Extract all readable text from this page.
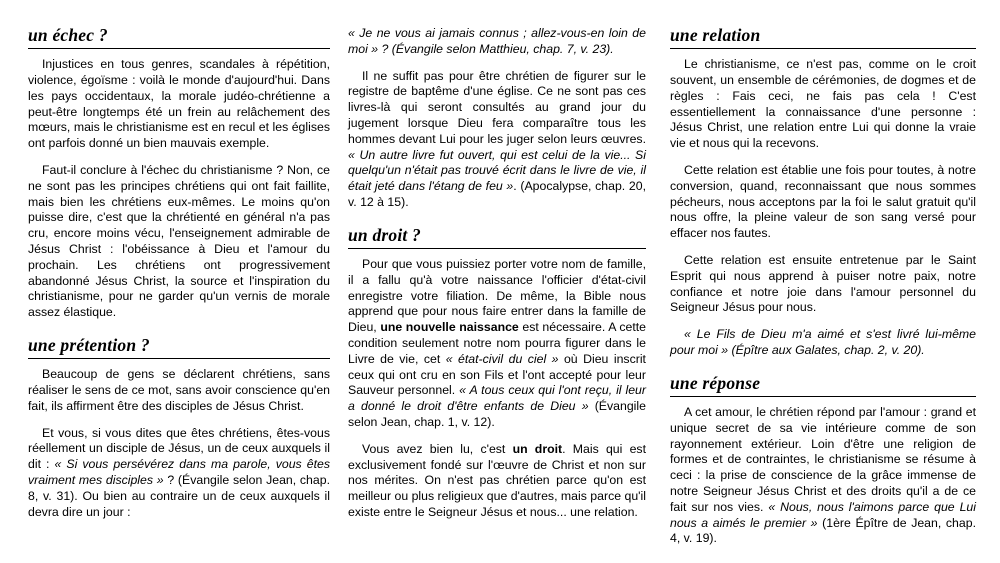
un échec ?

Injustices en tous genres, scandales à répétition, violence, égoïsme : voilà le monde d'aujourd'hui. Dans les pays occidentaux, la morale judéo-chrétienne a peut-être longtemps été un frein au relâchement des mœurs, mais le christianisme est en recul et les églises ont parfois donné un bien mauvais exemple.

Faut-il conclure à l'échec du christianisme ? Non, ce ne sont pas les principes chrétiens qui ont fait faillite, mais bien les chrétiens eux-mêmes. Le moins qu'on puisse dire, c'est que la chrétienté en général n'a pas cru, encore moins vécu, l'enseignement admirable de Jésus Christ : l'obéissance à Dieu et l'amour du prochain. Les chrétiens ont progressivement abandonné Jésus Christ, la source et l'inspiration du christianisme, pour ne garder qu'un vernis de morale assez élastique.

une prétention ?

Beaucoup de gens se déclarent chrétiens, sans réaliser le sens de ce mot, sans avoir conscience qu'en fait, ils affirment être des disciples de Jésus Christ.

Et vous, si vous dites que êtes chrétiens, êtes-vous réellement un disciple de Jésus, un de ceux auxquels il dit : « Si vous persévérez dans ma parole, vous êtes vraiment mes disciples » ? (Évangile selon Jean, chap. 8, v. 31). Ou bien au contraire un de ceux auxquels il devra dire un jour :

« Je ne vous ai jamais connus ; allez-vous-en loin de moi » ? (Évangile selon Matthieu, chap. 7, v. 23).

Il ne suffit pas pour être chrétien de figurer sur le registre de baptême d'une église. Ce ne sont pas ces livres-là qui seront consultés au grand jour du jugement lorsque Dieu fera comparaître tous les hommes devant Lui pour les juger selon leurs œuvres. « Un autre livre fut ouvert, qui est celui de la vie... Si quelqu'un n'était pas trouvé écrit dans le livre de vie, il était jeté dans l'étang de feu ». (Apocalypse, chap. 20, v. 12 à 15).

un droit ?

Pour que vous puissiez porter votre nom de famille, il a fallu qu'à votre naissance l'officier d'état-civil enregistre votre filiation. De même, la Bible nous apprend que pour nous faire entrer dans la famille de Dieu, une nouvelle naissance est nécessaire. A cette condition seulement notre nom pourra figurer dans le Livre de vie, cet « état-civil du ciel » où Dieu inscrit ceux qui ont cru en son Fils et l'ont accepté pour leur Sauveur personnel. « A tous ceux qui l'ont reçu, il leur a donné le droit d'être enfants de Dieu » (Évangile selon Jean, chap. 1, v. 12).

Vous avez bien lu, c'est un droit. Mais qui est exclusivement fondé sur l'œuvre de Christ et non sur nos mérites. On n'est pas chrétien parce qu'on est meilleur ou plus religieux que d'autres, mais parce qu'il existe entre le Seigneur Jésus et nous... une relation.

une relation

Le christianisme, ce n'est pas, comme on le croit souvent, un ensemble de cérémonies, de dogmes et de règles : Fais ceci, ne fais pas cela ! C'est essentiellement la connaissance d'une personne : Jésus Christ, une relation entre Lui qui donne la vraie vie et nous qui la recevons.

Cette relation est établie une fois pour toutes, à notre conversion, quand, reconnaissant que nous sommes pécheurs, nous acceptons par la foi le salut gratuit qu'il nous offre, la pleine valeur de son sang versé pour effacer nos fautes.

Cette relation est ensuite entretenue par le Saint Esprit qui nous apprend à puiser notre paix, notre confiance et notre joie dans l'amour personnel du Seigneur Jésus pour nous.

« Le Fils de Dieu m'a aimé et s'est livré lui-même pour moi » (Épître aux Galates, chap. 2, v. 20).

une réponse

A cet amour, le chrétien répond par l'amour : grand et unique secret de sa vie intérieure comme de son rayonnement extérieur. Loin d'être une religion de formes et de contraintes, le christianisme se résume à ceci : la prise de conscience de la grâce immense de notre Seigneur Jésus Christ et des droits qu'il a de ce fait sur nos vies. « Nous, nous l'aimons parce que Lui nous a aimés le premier » (1ère Épître de Jean, chap. 4, v. 19).
